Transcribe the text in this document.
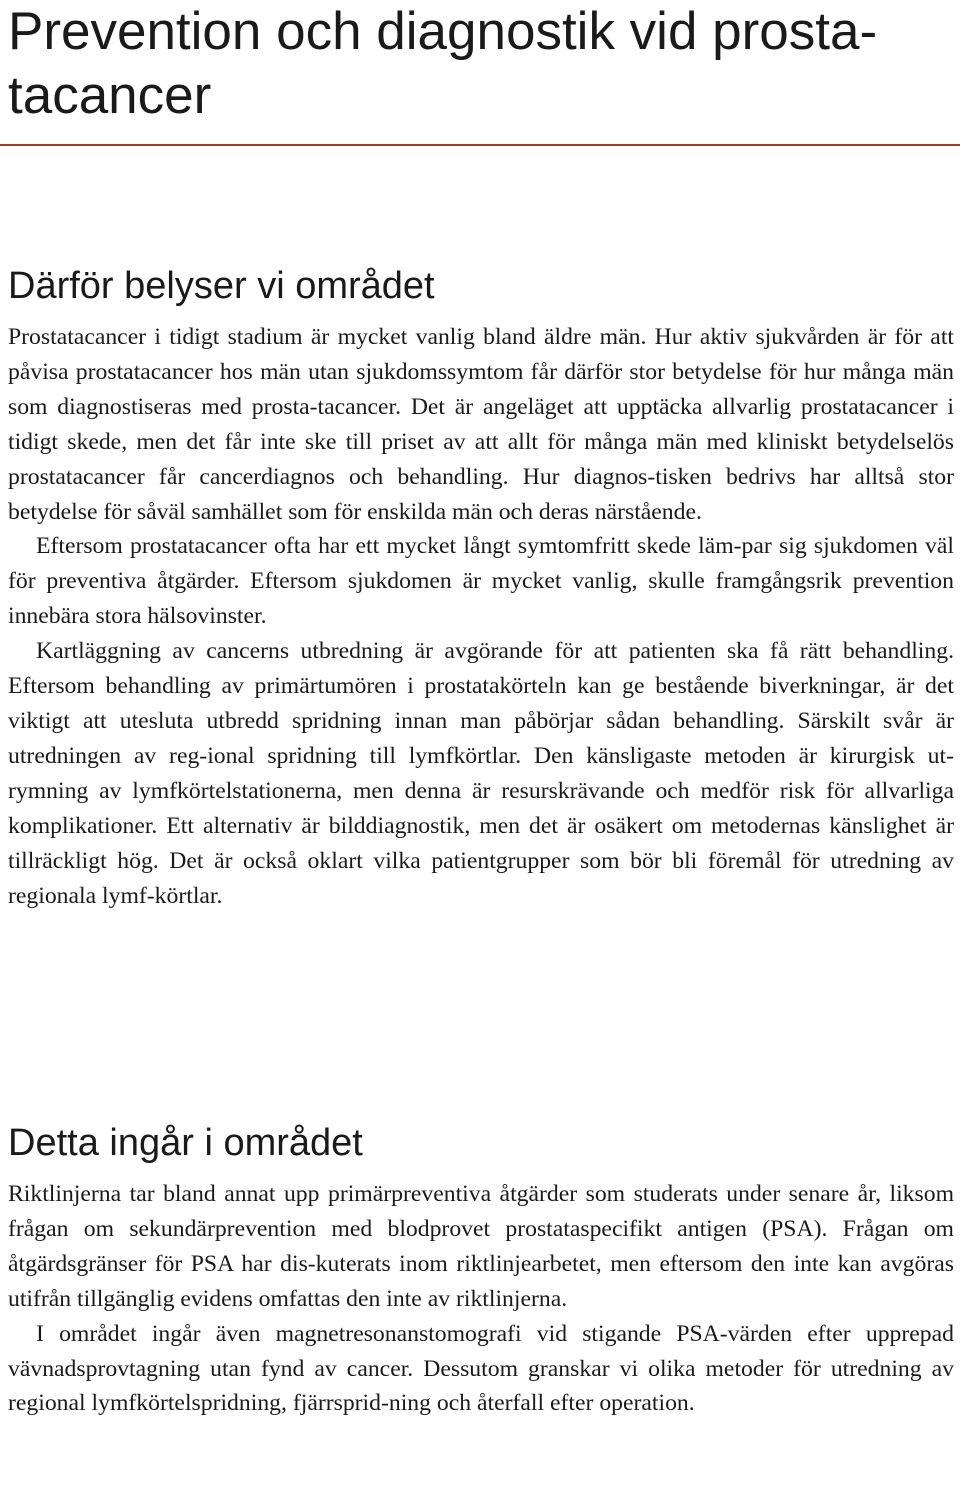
Prevention och diagnostik vid prosta-tacancer
Därför belyser vi området

Prostatacancer i tidigt stadium är mycket vanlig bland äldre män. Hur aktiv sjukvården är för att påvisa prostatacancer hos män utan sjukdomssymtom får därför stor betydelse för hur många män som diagnostiseras med prosta-tacancer. Det är angeläget att upptäcka allvarlig prostatacancer i tidigt skede, men det får inte ske till priset av att allt för många män med kliniskt betydelselös prostatacancer får cancerdiagnos och behandling. Hur diagnos-tisken bedrivs har alltså stor betydelse för såväl samhället som för enskilda män och deras närstående.

Eftersom prostatacancer ofta har ett mycket långt symtomfritt skede läm-par sig sjukdomen väl för preventiva åtgärder. Eftersom sjukdomen är mycket vanlig, skulle framgångsrik prevention innebära stora hälsovinster.

Kartläggning av cancerns utbredning är avgörande för att patienten ska få rätt behandling. Eftersom behandling av primärtumören i prostatakörteln kan ge bestående biverkningar, är det viktigt att utesluta utbredd spridning innan man påbörjar sådan behandling. Särskilt svår är utredningen av reg-ional spridning till lymfkörtlar. Den känsligaste metoden är kirurgisk ut-rymning av lymfkörtelstationerna, men denna är resurskrävande och medför risk för allvarliga komplikationer. Ett alternativ är bilddiagnostik, men det är osäkert om metodernas känslighet är tillräckligt hög. Det är också oklart vilka patientgrupper som bör bli föremål för utredning av regionala lymf-körtlar.

Detta ingår i området

Riktlinjerna tar bland annat upp primärpreventiva åtgärder som studerats under senare år, liksom frågan om sekundärprevention med blodprovet prostataspecifikt antigen (PSA). Frågan om åtgärdsgränser för PSA har dis-kuterats inom riktlinjearbetet, men eftersom den inte kan avgöras utifrån tillgänglig evidens omfattas den inte av riktlinjerna.

I området ingår även magnetresonanstomografi vid stigande PSA-värden efter upprepad vävnadsprovtagning utan fynd av cancer. Dessutom granskar vi olika metoder för utredning av regional lymfkörtelspridning, fjärrsprid-ning och återfall efter operation.
